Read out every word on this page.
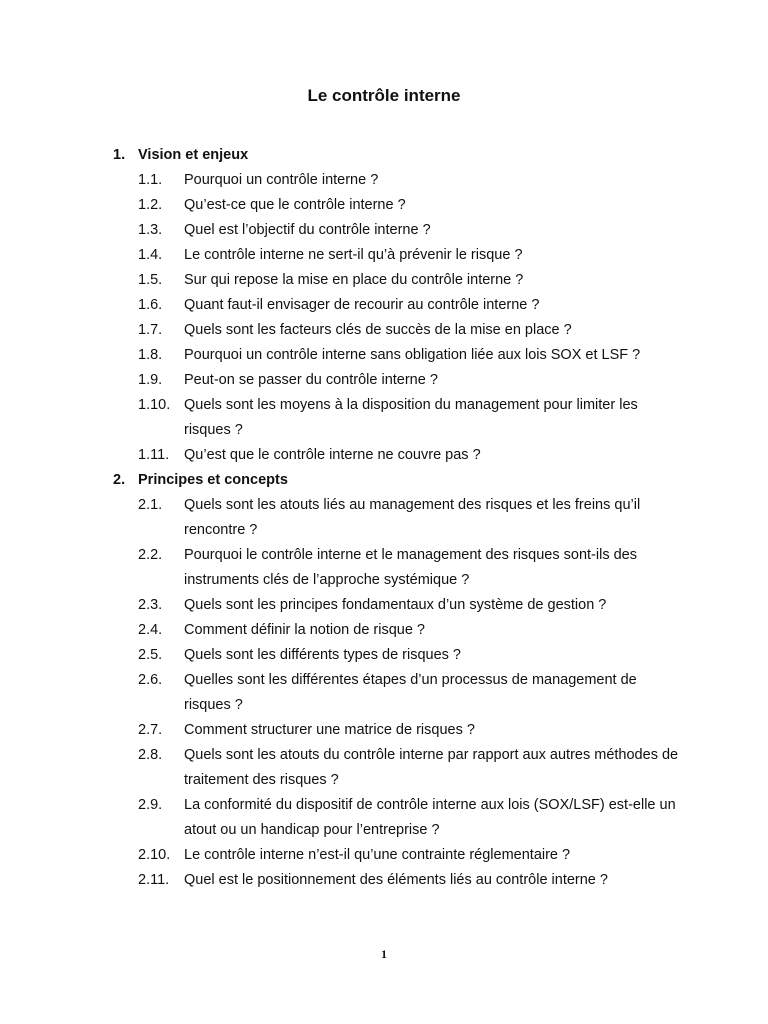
Le contrôle interne
1. Vision et enjeux
1.1. Pourquoi un contrôle interne ?
1.2. Qu’est-ce que le contrôle interne ?
1.3. Quel est l’objectif du contrôle interne ?
1.4. Le contrôle interne ne sert-il qu’à prévenir le risque ?
1.5. Sur qui repose la mise en place du contrôle interne ?
1.6. Quant faut-il envisager de recourir au contrôle interne ?
1.7. Quels sont les facteurs clés de succès de la mise en place ?
1.8. Pourquoi un contrôle interne sans obligation liée aux lois SOX et LSF ?
1.9. Peut-on se passer du contrôle interne ?
1.10. Quels sont les moyens à la disposition du management pour limiter les risques ?
1.11. Qu’est que le contrôle interne ne couvre pas ?
2. Principes et concepts
2.1. Quels sont les atouts liés au management des risques et les freins qu’il rencontre ?
2.2. Pourquoi le contrôle interne et le management des risques sont-ils des instruments clés de l’approche systémique ?
2.3. Quels sont les principes fondamentaux d’un système de gestion ?
2.4. Comment définir la notion de risque ?
2.5. Quels sont les différents types de risques ?
2.6. Quelles sont les différentes étapes d’un processus de management de risques ?
2.7. Comment structurer une matrice de risques ?
2.8. Quels sont les atouts du contrôle interne par rapport aux autres méthodes de traitement des risques ?
2.9. La conformité du dispositif de contrôle interne aux lois (SOX/LSF) est-elle un atout ou un handicap pour l’entreprise ?
2.10. Le contrôle interne n’est-il qu’une contrainte réglementaire ?
2.11. Quel est le positionnement des éléments liés au contrôle interne ?
1
